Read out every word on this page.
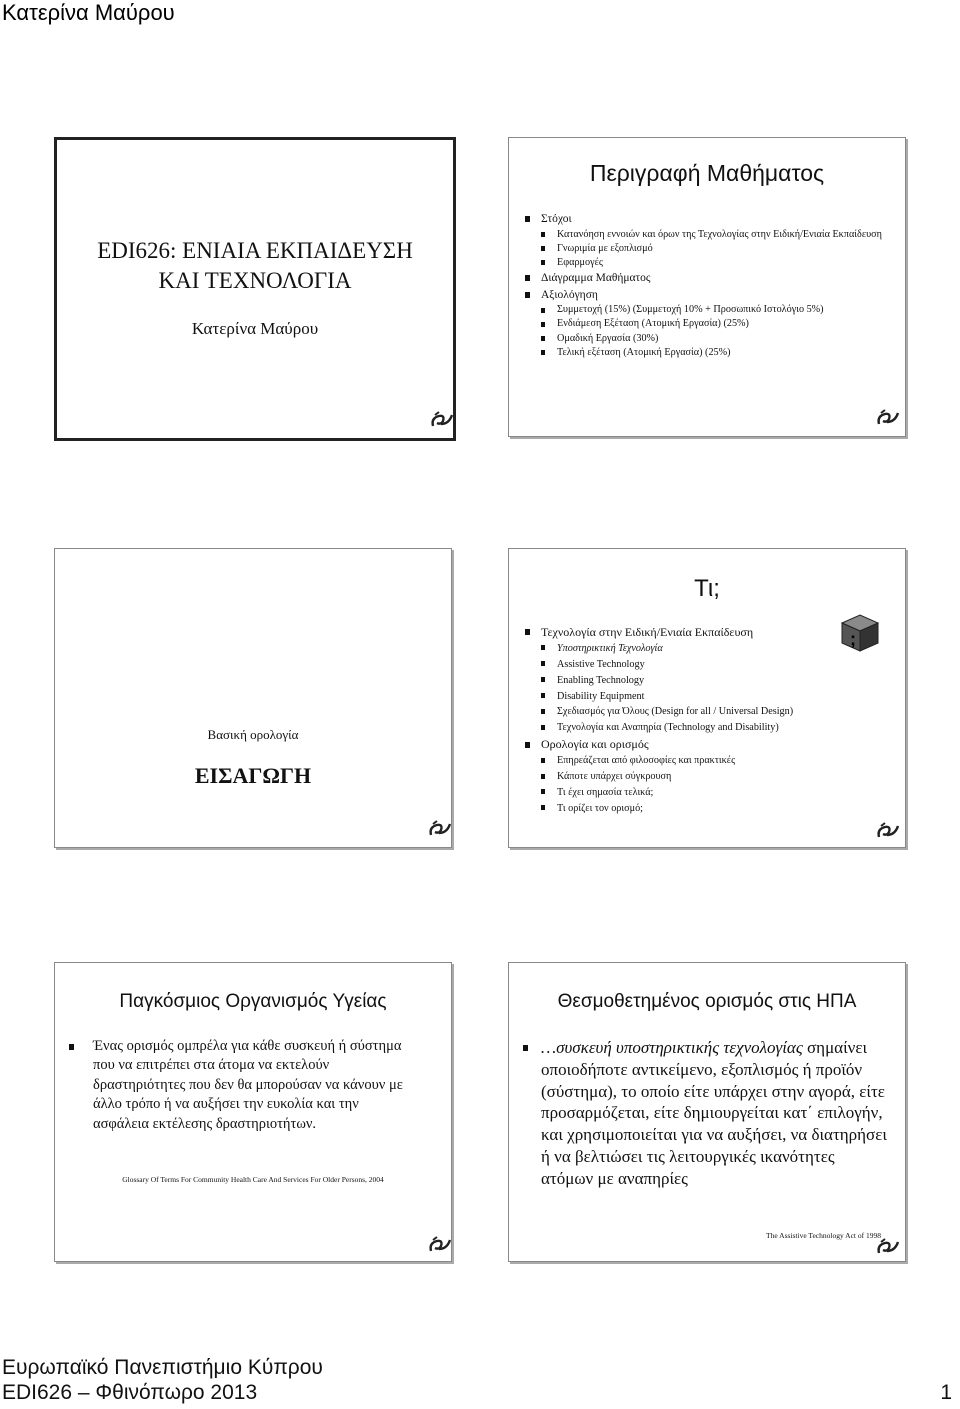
Κατερίνα Μαύρου
EDI626: ΕΝΙΑΙΑ ΕΚΠΑΙΔΕΥΣΗ
ΚΑΙ ΤΕΧΝΟΛΟΓΙΑ
Κατερίνα Μαύρου
Περιγραφή Μαθήματος
Στόχοι
Κατανόηση εννοιών και όρων της Τεχνολογίας στην Ειδική/Ενιαία Εκπαίδευση
Γνωριμία με εξοπλισμό
Εφαρμογές
Διάγραμμα Μαθήματος
Αξιολόγηση
Συμμετοχή (15%) (Συμμετοχή 10% + Προσωπικό Ιστολόγιο 5%)
Ενδιάμεση Εξέταση (Ατομική Εργασία) (25%)
Ομαδική Εργασία (30%)
Τελική εξέταση (Ατομική Εργασία) (25%)
Βασική ορολογία
ΕΙΣΑΓΩΓΗ
Τι;
;
Τεχνολογία στην Ειδική/Ενιαία Εκπαίδευση
Υποστηρικτική Τεχνολογία
Assistive Technology
Enabling Technology
Disability Equipment
Σχεδιασμός για Όλους (Design for all / Universal Design)
Τεχνολογία και Αναπηρία (Technology and Disability)
Ορολογία και ορισμός
Επηρεάζεται από φιλοσοφίες και πρακτικές
Κάποτε υπάρχει σύγκρουση
Τι έχει σημασία τελικά;
Τι ορίζει τον ορισμό;
Παγκόσμιος Οργανισμός Υγείας
Ένας ορισμός ομπρέλα για κάθε συσκευή ή σύστημα που να επιτρέπει στα άτομα να εκτελούν δραστηριότητες που δεν θα μπορούσαν να κάνουν με άλλο τρόπο ή να αυξήσει την ευκολία και την ασφάλεια εκτέλεσης δραστηριοτήτων.
Glossary Of Terms For Community Health Care And Services For Older Persons, 2004
Θεσμοθετημένος ορισμός στις ΗΠΑ
…συσκευή υποστηρικτικής τεχνολογίας σημαίνει οποιοδήποτε αντικείμενο, εξοπλισμός ή προϊόν (σύστημα), το οποίο είτε υπάρχει στην αγορά, είτε προσαρμόζεται, είτε δημιουργείται κατ΄ επιλογήν, και χρησιμοποιείται για να αυξήσει, να διατηρήσει ή να βελτιώσει τις λειτουργικές ικανότητες ατόμων με αναπηρίες
The Assistive Technology Act of 1998
Ευρωπαϊκό Πανεπιστήμιο Κύπρου
EDI626 – Φθινόπωρο 2013	1
